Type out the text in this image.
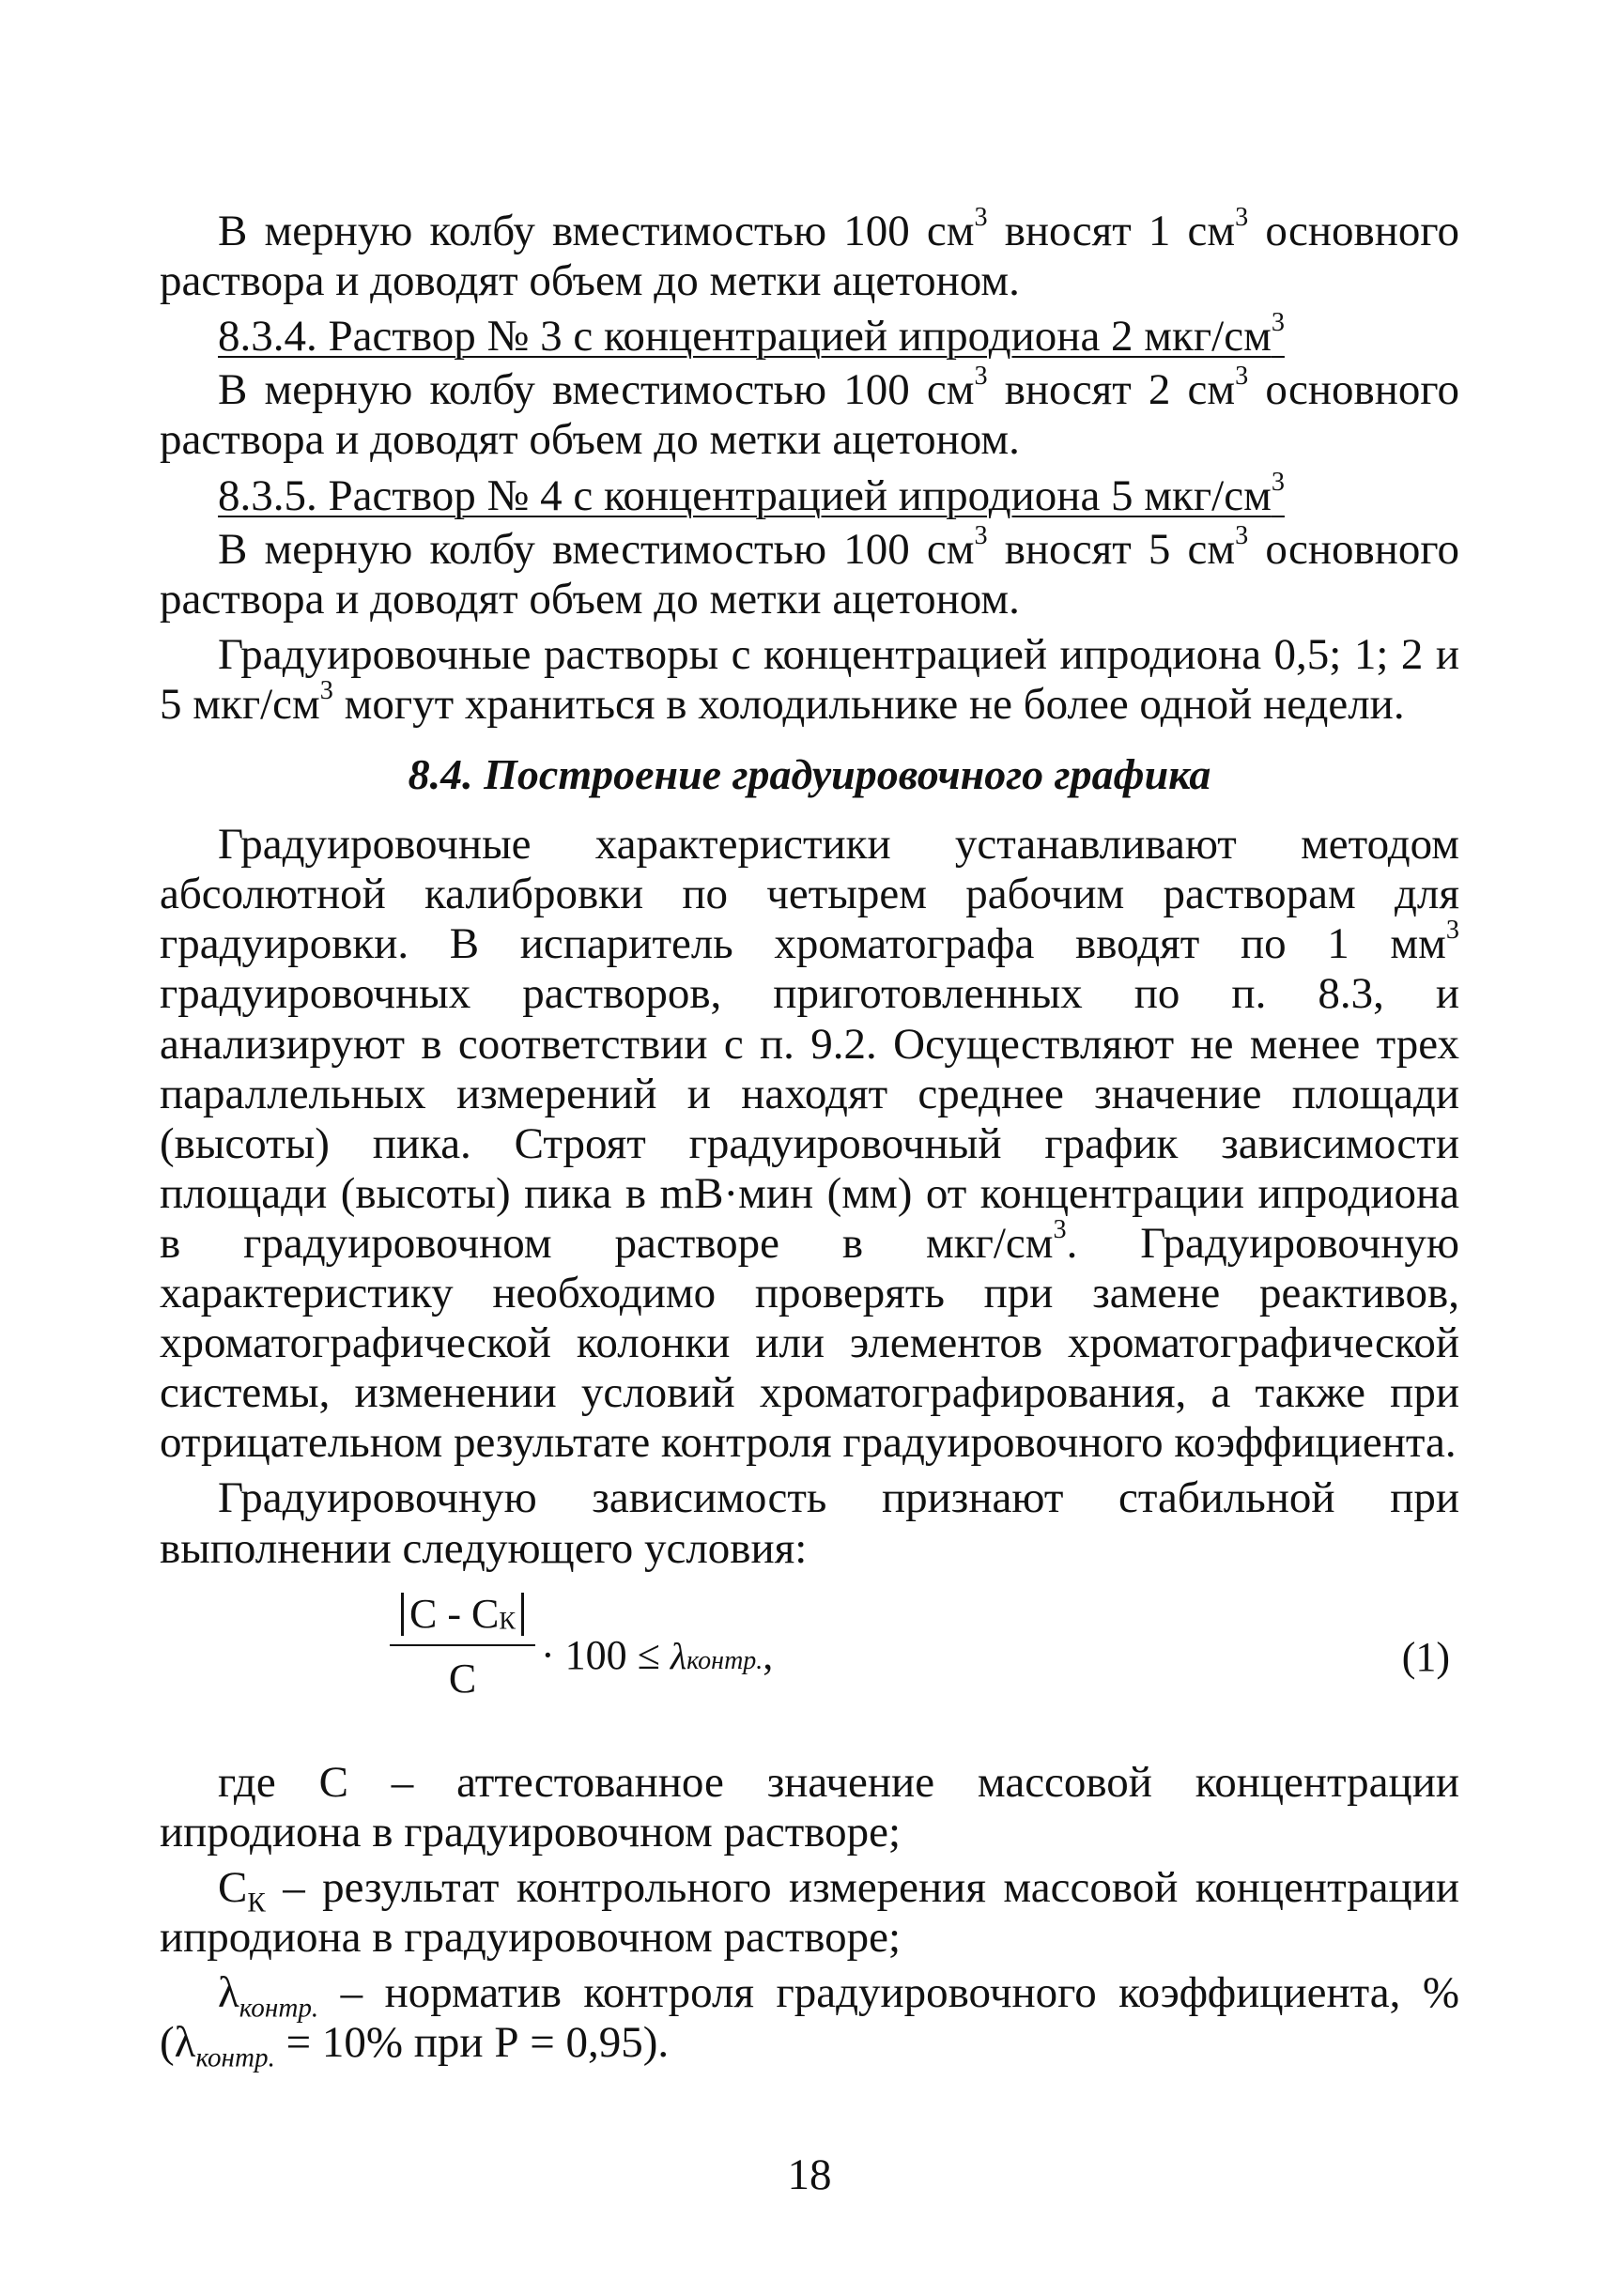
В мерную колбу вместимостью 100 $см^3$ вносят 1 $см^3$ основного раствора и доводят объем до метки ацетоном.

8.3.4. Раствор № 3 с концентрацией ипродиона 2 мкг/$см^3$

В мерную колбу вместимостью 100 $см^3$ вносят 2 $см^3$ основного раствора и доводят объем до метки ацетоном.

8.3.5. Раствор № 4 с концентрацией ипродиона 5 мкг/$см^3$

В мерную колбу вместимостью 100 $см^3$ вносят 5 $см^3$ основного раствора и доводят объем до метки ацетоном.

Градуировочные растворы с концентрацией ипродиона 0,5; 1; 2 и 5 мкг/$см^3$ могут храниться в холодильнике не более одной недели.

8.4. Построение градуировочного графика

Градуировочные характеристики устанавливают методом абсолютной калибровки по четырем рабочим растворам для градуировки. В испаритель хроматографа вводят по 1 $мм^3$ градуировочных растворов, приготовленных по п. 8.3, и анализируют в соответствии с п. 9.2. Осуществляют не менее трех параллельных измерений и находят среднее значение площади (высоты) пика. Строят градуировочный график зависимости площади (высоты) пика в mВ·мин (мм) от концентрации ипродиона в градуировочном растворе в мкг/$см^3$. Градуировочную характеристику необходимо проверять при замене реактивов, хроматографической колонки или элементов хроматографической системы, изменении условий хроматографирования, а также при отрицательном результате контроля градуировочного коэффициента.

Градуировочную зависимость признают стабильной при выполнении следующего условия:

C - $C_К$
C
· 100 ≤ λконтр.,	(1)

где С – аттестованное значение массовой концентрации ипродиона в градуировочном растворе;

$С_К$ – результат контрольного измерения массовой концентрации ипродиона в градуировочном растворе;

$\lambda_{контр.}$ – норматив контроля градуировочного коэффициента, % ($\lambda_{контр.} = 10\%$ при Р = 0,95).

18
